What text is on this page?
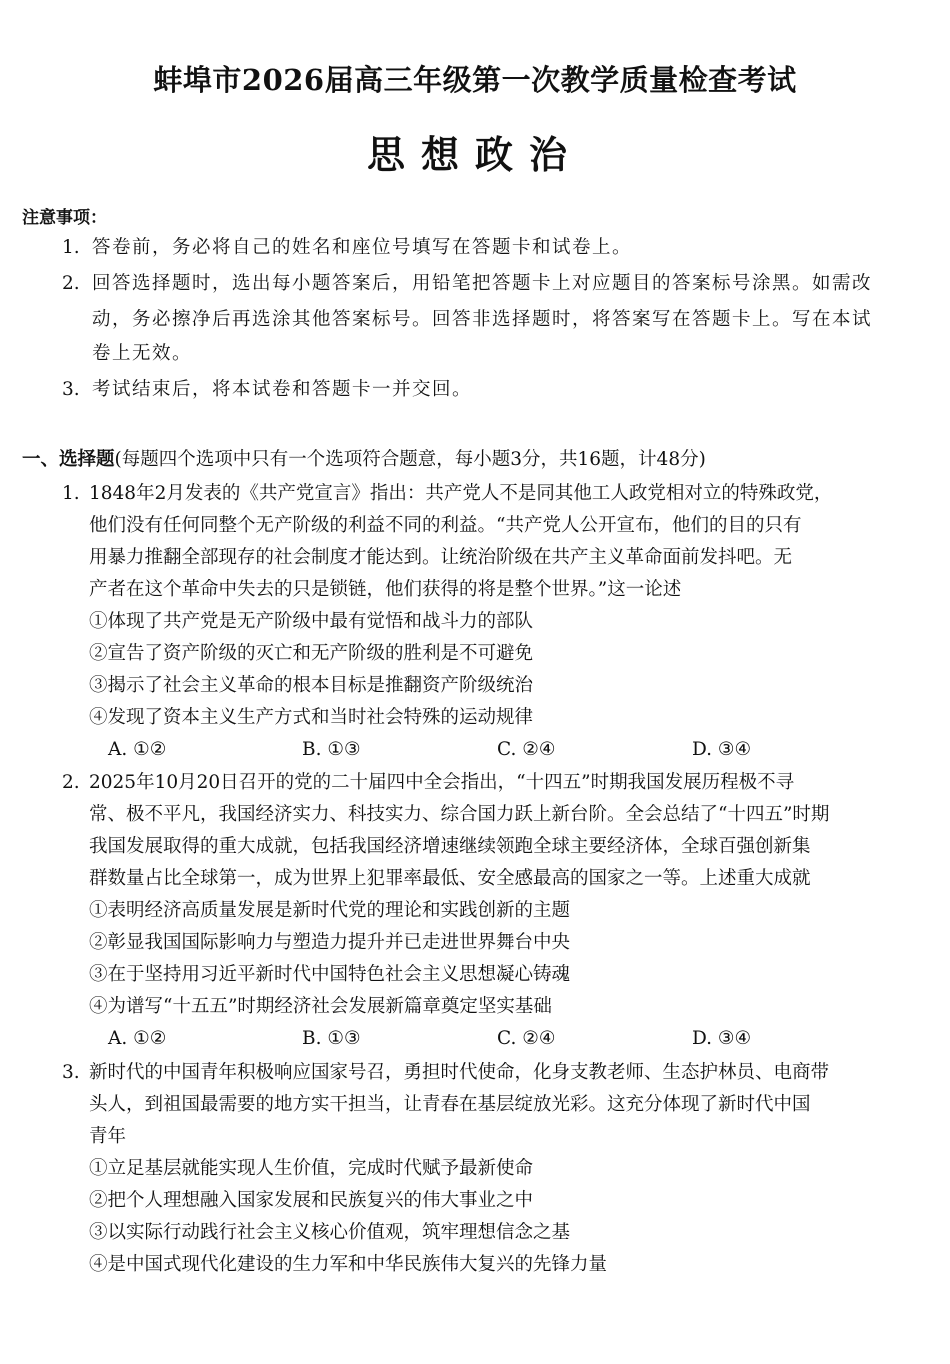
蚌埠市2026届高三年级第一次教学质量检查考试
思想政治
注意事项：
1. 答卷前，务必将自己的姓名和座位号填写在答题卡和试卷上。
2. 回答选择题时，选出每小题答案后，用铅笔把答题卡上对应题目的答案标号涂黑。如需改
动，务必擦净后再选涂其他答案标号。回答非选择题时，将答案写在答题卡上。写在本试
卷上无效。
3. 考试结束后，将本试卷和答题卡一并交回。
一、选择题(每题四个选项中只有一个选项符合题意，每小题3分，共16题，计48分)
1. 1848年2月发表的《共产党宣言》指出：共产党人不是同其他工人政党相对立的特殊政党，
他们没有任何同整个无产阶级的利益不同的利益。“共产党人公开宣布，他们的目的只有
用暴力推翻全部现存的社会制度才能达到。让统治阶级在共产主义革命面前发抖吧。无
产者在这个革命中失去的只是锁链，他们获得的将是整个世界。”这一论述
①体现了共产党是无产阶级中最有觉悟和战斗力的部队
②宣告了资产阶级的灭亡和无产阶级的胜利是不可避免
③揭示了社会主义革命的根本目标是推翻资产阶级统治
④发现了资本主义生产方式和当时社会特殊的运动规律
A. ①②	B. ①③	C. ②④	D. ③④
2. 2025年10月20日召开的党的二十届四中全会指出，“十四五”时期我国发展历程极不寻
常、极不平凡，我国经济实力、科技实力、综合国力跃上新台阶。全会总结了“十四五”时期
我国发展取得的重大成就，包括我国经济增速继续领跑全球主要经济体，全球百强创新集
群数量占比全球第一，成为世界上犯罪率最低、安全感最高的国家之一等。上述重大成就
①表明经济高质量发展是新时代党的理论和实践创新的主题
②彰显我国国际影响力与塑造力提升并已走进世界舞台中央
③在于坚持用习近平新时代中国特色社会主义思想凝心铸魂
④为谱写“十五五”时期经济社会发展新篇章奠定坚实基础
A. ①②	B. ①③	C. ②④	D. ③④
3. 新时代的中国青年积极响应国家号召，勇担时代使命，化身支教老师、生态护林员、电商带
头人，到祖国最需要的地方实干担当，让青春在基层绽放光彩。这充分体现了新时代中国
青年
①立足基层就能实现人生价值，完成时代赋予最新使命
②把个人理想融入国家发展和民族复兴的伟大事业之中
③以实际行动践行社会主义核心价值观，筑牢理想信念之基
④是中国式现代化建设的生力军和中华民族伟大复兴的先锋力量
